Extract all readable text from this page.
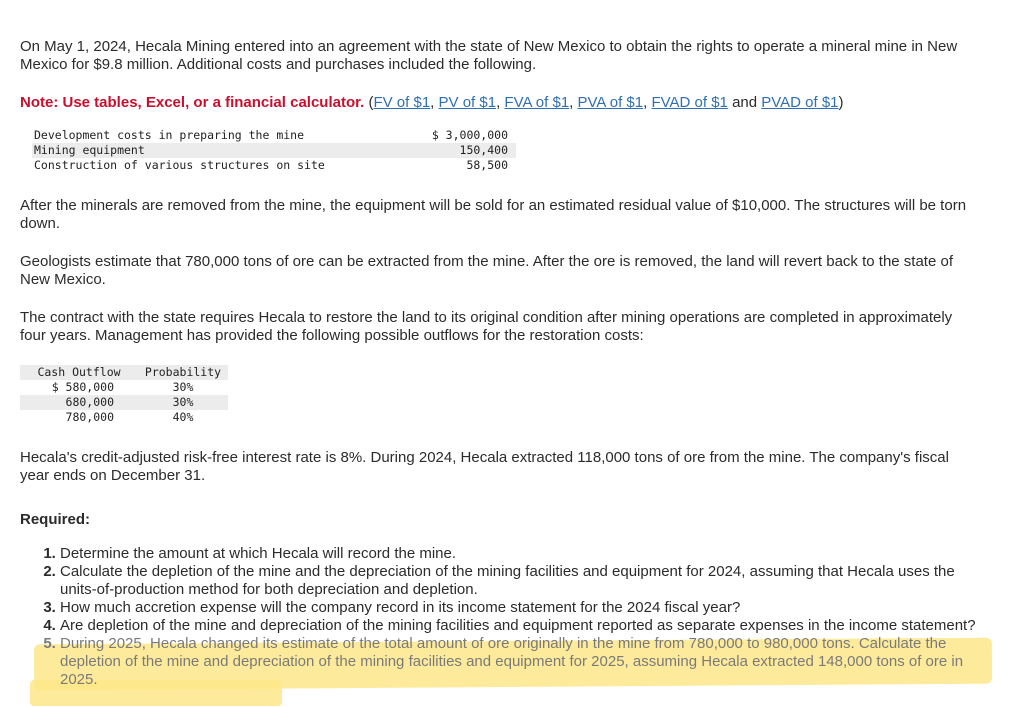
On May 1, 2024, Hecala Mining entered into an agreement with the state of New Mexico to obtain the rights to operate a mineral mine in New Mexico for $9.8 million. Additional costs and purchases included the following.

Note: Use tables, Excel, or a financial calculator. (FV of $1, PV of $1, FVA of $1, PVA of $1, FVAD of $1 and PVAD of $1)

Development costs in preparing the mine	$ 3,000,000
Mining equipment	150,400
Construction of various structures on site	58,500

After the minerals are removed from the mine, the equipment will be sold for an estimated residual value of $10,000. The structures will be torn down.

Geologists estimate that 780,000 tons of ore can be extracted from the mine. After the ore is removed, the land will revert back to the state of New Mexico.

The contract with the state requires Hecala to restore the land to its original condition after mining operations are completed in approximately four years. Management has provided the following possible outflows for the restoration costs:

Cash Outflow	Probability
$ 580,000	30%
680,000	30%
780,000	40%

Hecala's credit-adjusted risk-free interest rate is 8%. During 2024, Hecala extracted 118,000 tons of ore from the mine. The company's fiscal year ends on December 31.

Required:

1. Determine the amount at which Hecala will record the mine.
2. Calculate the depletion of the mine and the depreciation of the mining facilities and equipment for 2024, assuming that Hecala uses the units-of-production method for both depreciation and depletion.
3. How much accretion expense will the company record in its income statement for the 2024 fiscal year?
4. Are depletion of the mine and depreciation of the mining facilities and equipment reported as separate expenses in the income statement?
5. During 2025, Hecala changed its estimate of the total amount of ore originally in the mine from 780,000 to 980,000 tons. Calculate the depletion of the mine and depreciation of the mining facilities and equipment for 2025, assuming Hecala extracted 148,000 tons of ore in 2025.
